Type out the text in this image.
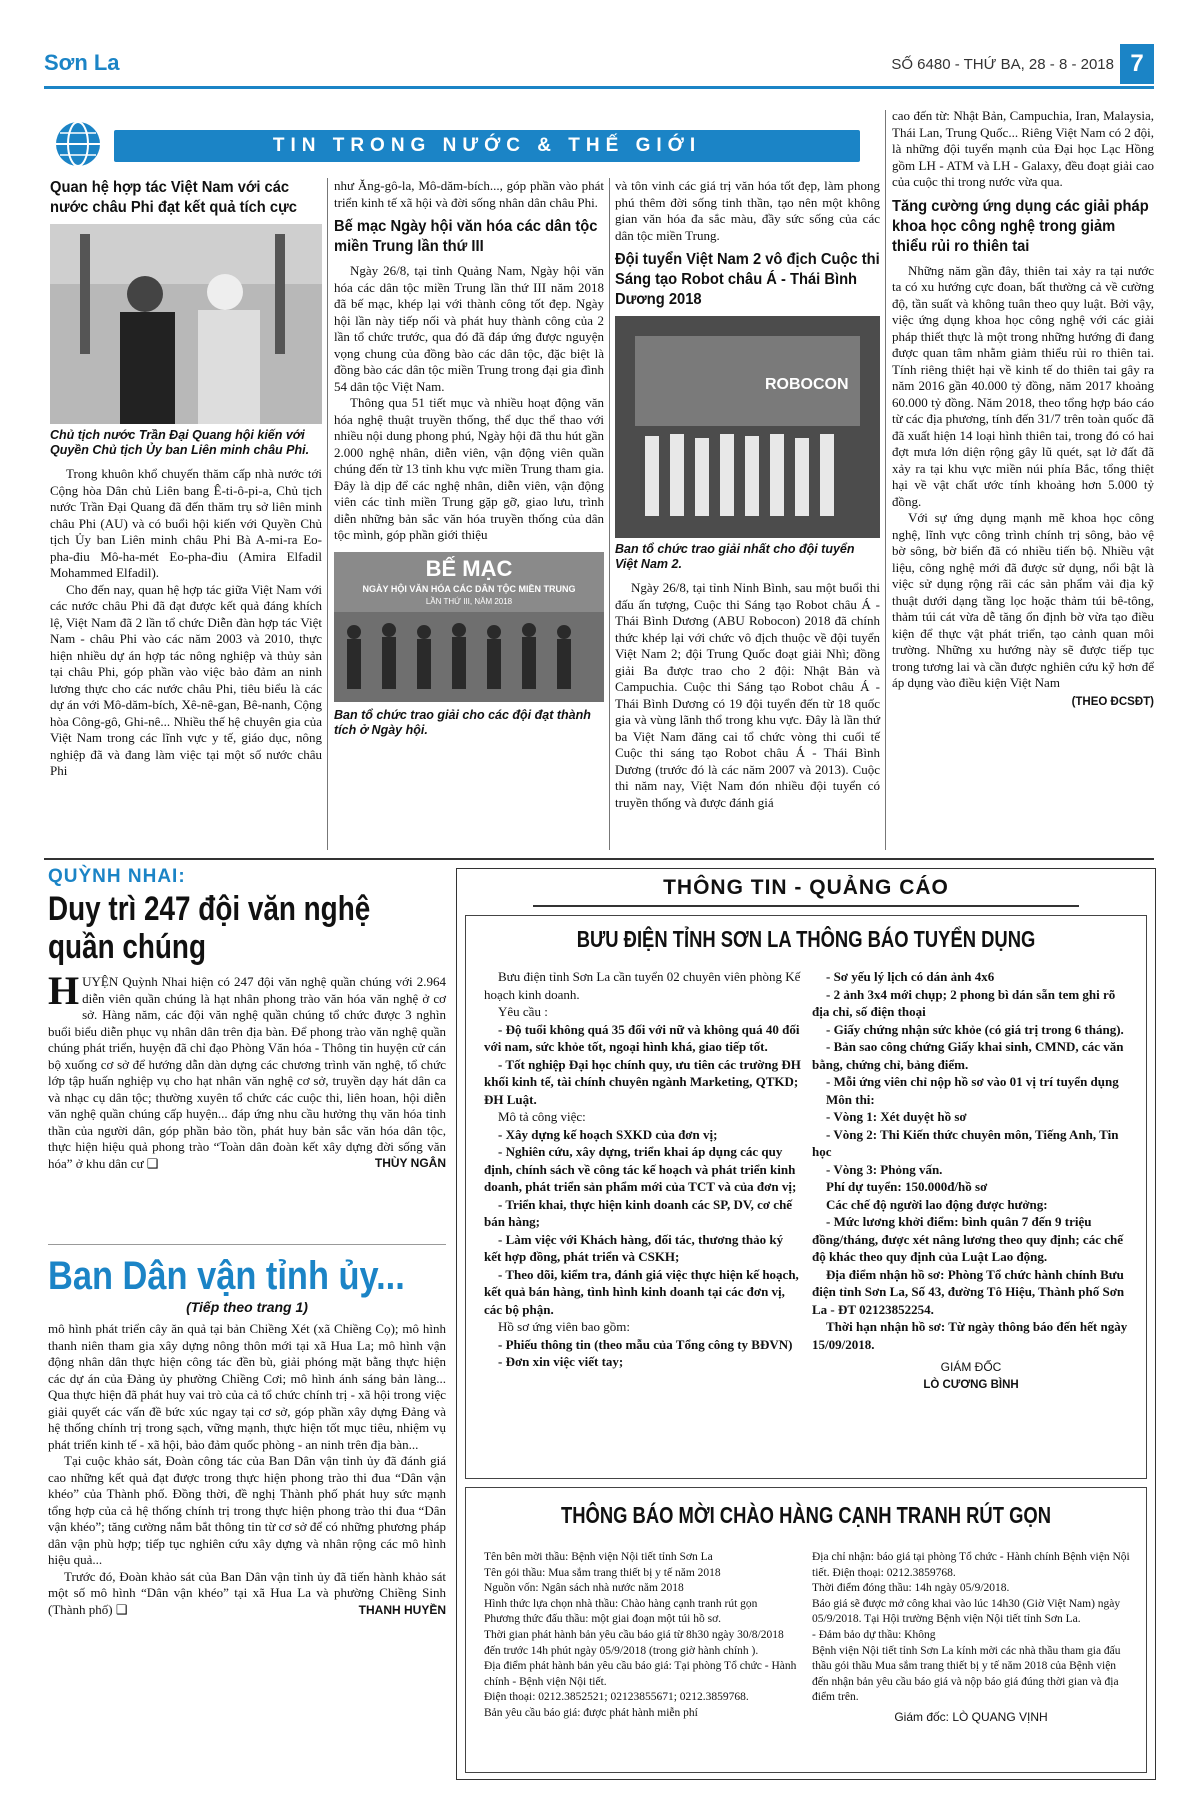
Sơn La	SỐ 6480 - THỨ BA, 28 - 8 - 2018 7
TIN TRONG NƯỚC & THẾ GIỚI
Quan hệ hợp tác Việt Nam với các nước châu Phi đạt kết quả tích cực
Chủ tịch nước Trần Đại Quang hội kiến với Quyền Chủ tịch Ủy ban Liên minh châu Phi.

Trong khuôn khổ chuyến thăm cấp nhà nước tới Cộng hòa Dân chủ Liên bang Ê-ti-ô-pi-a, Chủ tịch nước Trần Đại Quang đã đến thăm trụ sở liên minh châu Phi (AU) và có buổi hội kiến với Quyền Chủ tịch Ủy ban Liên minh châu Phi Bà A-mi-ra Eo-pha-điu Mô-ha-mét Eo-pha-điu (Amira Elfadil Mohammed Elfadil).

Cho đến nay, quan hệ hợp tác giữa Việt Nam với các nước châu Phi đã đạt được kết quả đáng khích lệ, Việt Nam đã 2 lần tổ chức Diễn đàn hợp tác Việt Nam - châu Phi vào các năm 2003 và 2010, thực hiện nhiều dự án hợp tác nông nghiệp và thủy sản tại châu Phi, góp phần vào việc bảo đảm an ninh lương thực cho các nước châu Phi, tiêu biểu là các dự án với Mô-dăm-bích, Xê-nê-gan, Bê-nanh, Cộng hòa Công-gô, Ghi-nê... Nhiều thế hệ chuyên gia của Việt Nam trong các lĩnh vực y tế, giáo dục, nông nghiệp đã và đang làm việc tại một số nước châu Phi

như Ăng-gô-la, Mô-dăm-bích..., góp phần vào phát triển kinh tế xã hội và đời sống nhân dân châu Phi.

Bế mạc Ngày hội văn hóa các dân tộc miền Trung lần thứ III

Ngày 26/8, tại tỉnh Quảng Nam, Ngày hội văn hóa các dân tộc miền Trung lần thứ III năm 2018 đã bế mạc, khép lại với thành công tốt đẹp. Ngày hội lần này tiếp nối và phát huy thành công của 2 lần tổ chức trước, qua đó đã đáp ứng được nguyện vọng chung của đồng bào các dân tộc, đặc biệt là đồng bào các dân tộc miền Trung trong đại gia đình 54 dân tộc Việt Nam.

Thông qua 51 tiết mục và nhiều hoạt động văn hóa nghệ thuật truyền thống, thể dục thể thao với nhiều nội dung phong phú, Ngày hội đã thu hút gần 2.000 nghệ nhân, diễn viên, vận động viên quần chúng đến từ 13 tỉnh khu vực miền Trung tham gia. Đây là dịp để các nghệ nhân, diễn viên, vận động viên các tỉnh miền Trung gặp gỡ, giao lưu, trình diễn những bản sắc văn hóa truyền thống của dân tộc mình, góp phần giới thiệu

BẾ MẠC
NGÀY HỘI VĂN HÓA CÁC DÂN TỘC MIỀN TRUNG
LẦN THỨ III, NĂM 2018
Ban tổ chức trao giải cho các đội đạt thành tích ở Ngày hội.

và tôn vinh các giá trị văn hóa tốt đẹp, làm phong phú thêm đời sống tinh thần, tạo nên một không gian văn hóa đa sắc màu, đầy sức sống của các dân tộc miền Trung.

Đội tuyển Việt Nam 2 vô địch Cuộc thi Sáng tạo Robot châu Á - Thái Bình Dương 2018
ROBOCON
Ban tổ chức trao giải nhất cho đội tuyển Việt Nam 2.

Ngày 26/8, tại tỉnh Ninh Bình, sau một buổi thi đấu ấn tượng, Cuộc thi Sáng tạo Robot châu Á - Thái Bình Dương (ABU Robocon) 2018 đã chính thức khép lại với chức vô địch thuộc về đội tuyển Việt Nam 2; đội Trung Quốc đoạt giải Nhì; đồng giải Ba được trao cho 2 đội: Nhật Bản và Campuchia. Cuộc thi Sáng tạo Robot châu Á - Thái Bình Dương có 19 đội tuyển đến từ 18 quốc gia và vùng lãnh thổ trong khu vực. Đây là lần thứ ba Việt Nam đăng cai tổ chức vòng thi cuối tế Cuộc thi sáng tạo Robot châu Á - Thái Bình Dương (trước đó là các năm 2007 và 2013). Cuộc thi năm nay, Việt Nam đón nhiều đội tuyển có truyền thống và được đánh giá

cao đến từ: Nhật Bản, Campuchia, Iran, Malaysia, Thái Lan, Trung Quốc... Riêng Việt Nam có 2 đội, là những đội tuyển mạnh của Đại học Lạc Hồng gồm LH - ATM và LH - Galaxy, đều đoạt giải cao của cuộc thi trong nước vừa qua.

Tăng cường ứng dụng các giải pháp khoa học công nghệ trong giảm thiểu rủi ro thiên tai

Những năm gần đây, thiên tai xảy ra tại nước ta có xu hướng cực đoan, bất thường cả về cường độ, tần suất và không tuân theo quy luật. Bởi vậy, việc ứng dụng khoa học công nghệ với các giải pháp thiết thực là một trong những hướng đi đang được quan tâm nhằm giảm thiểu rủi ro thiên tai. Tính riêng thiệt hại về kinh tế do thiên tai gây ra năm 2016 gần 40.000 tỷ đồng, năm 2017 khoảng 60.000 tỷ đồng. Năm 2018, theo tổng hợp báo cáo từ các địa phương, tính đến 31/7 trên toàn quốc đã đã xuất hiện 14 loại hình thiên tai, trong đó có hai đợt mưa lớn diện rộng gây lũ quét, sạt lở đất đã xảy ra tại khu vực miền núi phía Bắc, tổng thiệt hại về vật chất ước tính khoảng hơn 5.000 tỷ đồng.

Với sự ứng dụng mạnh mẽ khoa học công nghệ, lĩnh vực công trình chính trị sông, bảo vệ bờ sông, bờ biển đã có nhiều tiến bộ. Nhiều vật liệu, công nghệ mới đã được sử dụng, nổi bật là việc sử dụng rộng rãi các sản phẩm vải địa kỹ thuật dưới dạng tầng lọc hoặc thảm túi bê-tông, thảm túi cát vừa dễ tăng ổn định bờ vừa tạo điều kiện để thực vật phát triển, tạo cảnh quan môi trường. Những xu hướng này sẽ được tiếp tục trong tương lai và cần được nghiên cứu kỹ hơn để áp dụng vào điều kiện Việt Nam

(THEO ĐCSĐT)
QUỲNH NHAI:
Duy trì 247 đội văn nghệ quần chúng
H UYỆN Quỳnh Nhai hiện có 247 đội văn nghệ quần chúng với 2.964 diễn viên quần chúng là hạt nhân phong trào văn hóa văn nghệ ở cơ sở. Hàng năm, các đội văn nghệ quần chúng tổ chức được 3 nghìn buổi biểu diễn phục vụ nhân dân trên địa bàn. Để phong trào văn nghệ quần chúng phát triển, huyện đã chỉ đạo Phòng Văn hóa - Thông tin huyện cử cán bộ xuống cơ sở để hướng dẫn dàn dựng các chương trình văn nghệ, tổ chức lớp tập huấn nghiệp vụ cho hạt nhân văn nghệ cơ sở, truyền dạy hát dân ca và nhạc cụ dân tộc; thường xuyên tổ chức các cuộc thi, liên hoan, hội diễn văn nghệ quần chúng cấp huyện... đáp ứng nhu cầu hưởng thụ văn hóa tinh thần của người dân, góp phần bảo tồn, phát huy bản sắc văn hóa dân tộc, thực hiện hiệu quả phong trào “Toàn dân đoàn kết xây dựng đời sống văn hóa” ở khu dân cư ❑	THÙY NGÂN
Ban Dân vận tỉnh ủy...
(Tiếp theo trang 1)

mô hình phát triển cây ăn quả tại bản Chiềng Xét (xã Chiềng Cọ); mô hình thanh niên tham gia xây dựng nông thôn mới tại xã Hua La; mô hình vận động nhân dân thực hiện công tác đền bù, giải phóng mặt bằng thực hiện các dự án của Đảng ủy phường Chiềng Cơi; mô hình ánh sáng bản làng... Qua thực hiện đã phát huy vai trò của cả tổ chức chính trị - xã hội trong việc giải quyết các vấn đề bức xúc ngay tại cơ sở, góp phần xây dựng Đảng và hệ thống chính trị trong sạch, vững mạnh, thực hiện tốt mục tiêu, nhiệm vụ phát triển kinh tế - xã hội, bảo đảm quốc phòng - an ninh trên địa bàn...

Tại cuộc khảo sát, Đoàn công tác của Ban Dân vận tỉnh ủy đã đánh giá cao những kết quả đạt được trong thực hiện phong trào thi đua “Dân vận khéo” của Thành phố. Đồng thời, đề nghị Thành phố phát huy sức mạnh tổng hợp của cả hệ thống chính trị trong thực hiện phong trào thi đua “Dân vận khéo”; tăng cường nắm bắt thông tin từ cơ sở để có những phương pháp dân vận phù hợp; tiếp tục nghiên cứu xây dựng và nhân rộng các mô hình hiệu quả...

Trước đó, Đoàn khảo sát của Ban Dân vận tỉnh ủy đã tiến hành khảo sát một số mô hình “Dân vận khéo” tại xã Hua La và phường Chiềng Sinh (Thành phố) ❑	THANH HUYỀN

THÔNG TIN - QUẢNG CÁO
BƯU ĐIỆN TỈNH SƠN LA THÔNG BÁO TUYỂN DỤNG

Bưu điện tỉnh Sơn La cần tuyển 02 chuyên viên phòng Kế hoạch kinh doanh.

Yêu cầu :

- Độ tuổi không quá 35 đối với nữ và không quá 40 đối với nam, sức khỏe tốt, ngoại hình khá, giao tiếp tốt.

- Tốt nghiệp Đại học chính quy, ưu tiên các trường ĐH khối kinh tế, tài chính chuyên ngành Marketing, QTKD; ĐH Luật.

Mô tả công việc:

- Xây dựng kế hoạch SXKD của đơn vị;

- Nghiên cứu, xây dựng, triển khai áp dụng các quy định, chính sách về công tác kế hoạch và phát triển kinh doanh, phát triển sản phẩm mới của TCT và của đơn vị;

- Triển khai, thực hiện kinh doanh các SP, DV, cơ chế bán hàng;

- Làm việc với Khách hàng, đối tác, thương thảo ký kết hợp đồng, phát triển và CSKH;

- Theo dõi, kiểm tra, đánh giá việc thực hiện kế hoạch, kết quả bán hàng, tình hình kinh doanh tại các đơn vị, các bộ phận.

Hồ sơ ứng viên bao gồm:

- Phiếu thông tin (theo mẫu của Tổng công ty BĐVN)

- Đơn xin việc viết tay;

- Sơ yếu lý lịch có dán ảnh 4x6

- 2 ảnh 3x4 mới chụp; 2 phong bì dán sẵn tem ghi rõ địa chỉ, số điện thoại

- Giấy chứng nhận sức khỏe (có giá trị trong 6 tháng).

- Bản sao công chứng Giấy khai sinh, CMND, các văn bằng, chứng chỉ, bảng điểm.

- Mỗi ứng viên chỉ nộp hồ sơ vào 01 vị trí tuyển dụng

Môn thi:

- Vòng 1: Xét duyệt hồ sơ

- Vòng 2: Thi Kiến thức chuyên môn, Tiếng Anh, Tin học

- Vòng 3: Phỏng vấn.

Phí dự tuyển: 150.000đ/hồ sơ

Các chế độ người lao động được hưởng:

- Mức lương khởi điểm: bình quân 7 đến 9 triệu đồng/tháng, được xét nâng lương theo quy định; các chế độ khác theo quy định của Luật Lao động.

Địa điểm nhận hồ sơ: Phòng Tổ chức hành chính Bưu điện tỉnh Sơn La, Số 43, đường Tô Hiệu, Thành phố Sơn La - ĐT 02123852254.

Thời hạn nhận hồ sơ: Từ ngày thông báo đến hết ngày 15/09/2018.

GIÁM ĐỐC

LÒ CƯƠNG BÌNH

THÔNG BÁO MỜI CHÀO HÀNG CẠNH TRANH RÚT GỌN

Tên bên mời thầu: Bệnh viện Nội tiết tỉnh Sơn La

Tên gói thầu: Mua sắm trang thiết bị y tế năm 2018

Nguồn vốn: Ngân sách nhà nước năm 2018

Hình thức lựa chọn nhà thầu: Chào hàng cạnh tranh rút gọn

Phương thức đấu thầu: một giai đoạn một túi hồ sơ.

Thời gian phát hành bản yêu cầu báo giá từ 8h30 ngày 30/8/2018 đến trước 14h phút ngày 05/9/2018 (trong giờ hành chính ).

Địa điểm phát hành bản yêu cầu báo giá: Tại phòng Tổ chức - Hành chính - Bệnh viện Nội tiết.

Điện thoại: 0212.3852521; 02123855671; 0212.3859768.

Bản yêu cầu báo giá: được phát hành miễn phí

Địa chỉ nhận: báo giá tại phòng Tổ chức - Hành chính Bệnh viện Nội tiết. Điện thoại: 0212.3859768.

Thời điểm đóng thầu: 14h ngày 05/9/2018.

Báo giá sẽ được mở công khai vào lúc 14h30 (Giờ Việt Nam) ngày 05/9/2018. Tại Hội trường Bệnh viện Nội tiết tỉnh Sơn La.

- Đảm bảo dự thầu: Không

Bệnh viện Nội tiết tỉnh Sơn La kính mời các nhà thầu tham gia đấu thầu gói thầu Mua sắm trang thiết bị y tế năm 2018 của Bệnh viện đến nhận bản yêu cầu báo giá và nộp báo giá đúng thời gian và địa điểm trên.

Giám đốc: LÒ QUANG VỊNH
